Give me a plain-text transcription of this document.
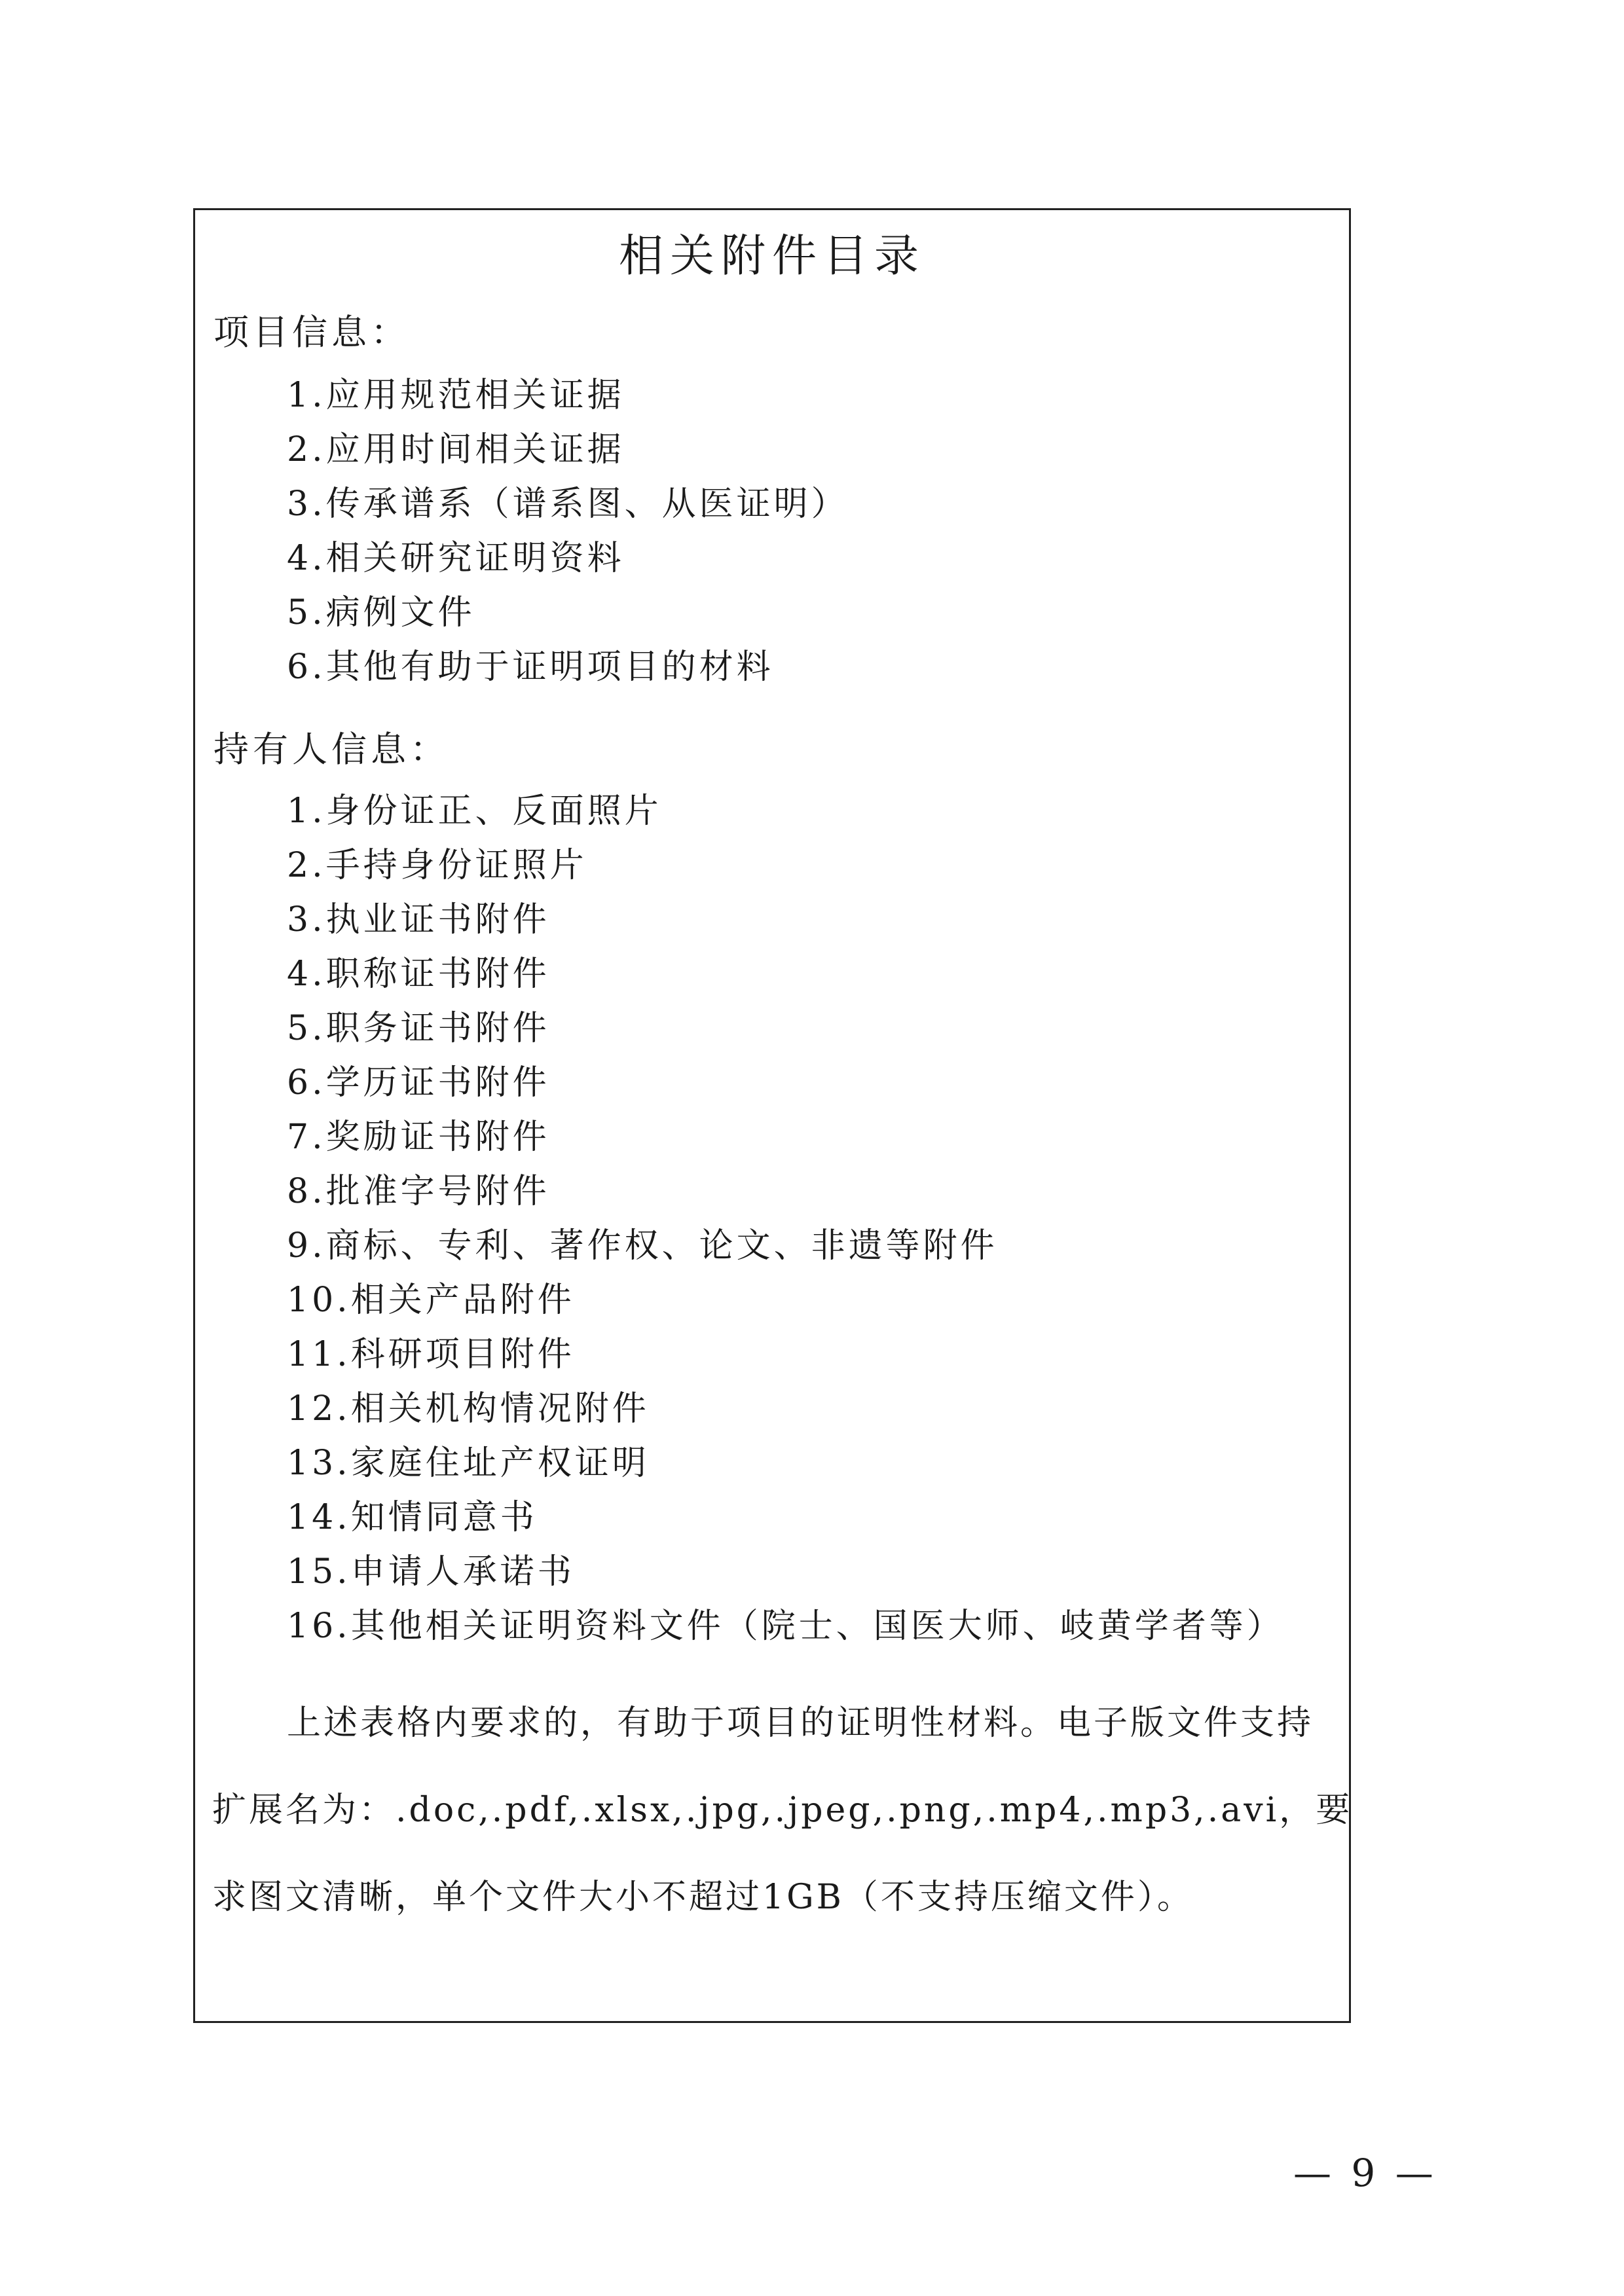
相关附件目录
项目信息：
1.应用规范相关证据
2.应用时间相关证据
3.传承谱系（谱系图、从医证明）
4.相关研究证明资料
5.病例文件
6.其他有助于证明项目的材料
持有人信息：
1.身份证正、反面照片
2.手持身份证照片
3.执业证书附件
4.职称证书附件
5.职务证书附件
6.学历证书附件
7.奖励证书附件
8.批准字号附件
9.商标、专利、著作权、论文、非遗等附件
10.相关产品附件
11.科研项目附件
12.相关机构情况附件
13.家庭住址产权证明
14.知情同意书
15.申请人承诺书
16.其他相关证明资料文件（院士、国医大师、岐黄学者等）

上述表格内要求的，有助于项目的证明性材料。电子版文件支持
扩展名为：.doc,.pdf,.xlsx,.jpg,.jpeg,.png,.mp4,.mp3,.avi，要
求图文清晰，单个文件大小不超过1GB（不支持压缩文件）。

— 9 —
